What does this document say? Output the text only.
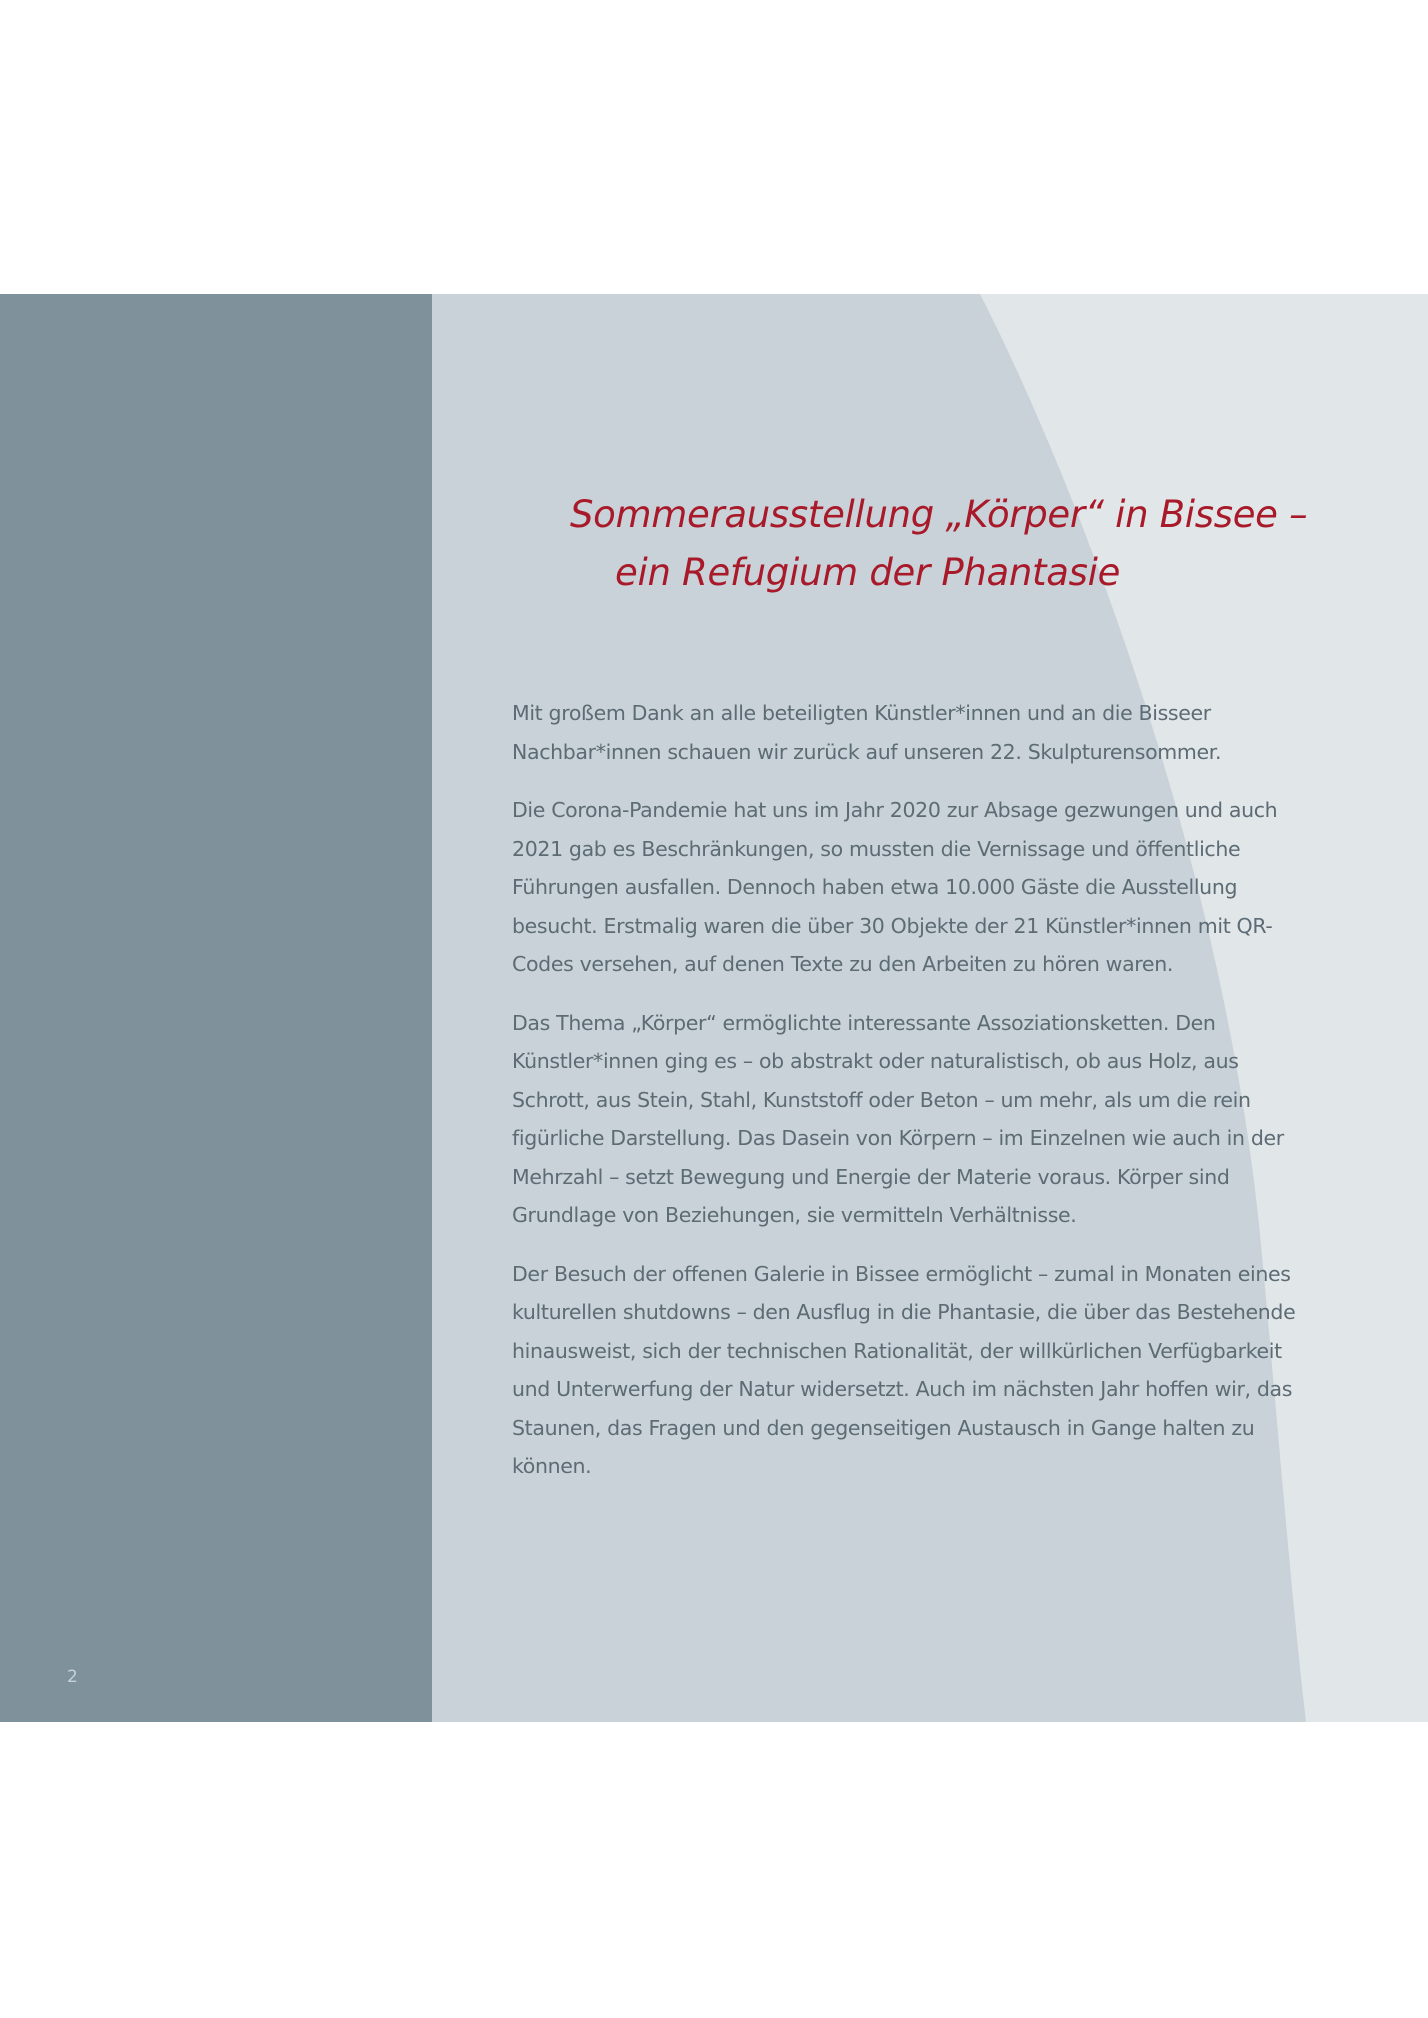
2
Sommerausstellung „Körper“ in Bissee –
ein Refugium der Phantasie

Mit großem Dank an alle beteiligten Künstler*innen und an die Bisseer Nachbar*innen schauen wir zurück auf unseren 22. Skulpturensommer.

Die Corona-Pandemie hat uns im Jahr 2020 zur Absage gezwungen und auch 2021 gab es Beschränkungen, so mussten die Vernissage und öffentliche Führungen ausfallen. Dennoch haben etwa 10.000 Gäste die Ausstellung besucht. Erstmalig waren die über 30 Objekte der 21 Künstler*innen mit QR-Codes versehen, auf denen Texte zu den Arbeiten zu hören waren.

Das Thema „Körper“ ermöglichte interessante Assoziationsketten. Den Künstler*innen ging es – ob abstrakt oder naturalistisch, ob aus Holz, aus Schrott, aus Stein, Stahl, Kunststoff oder Beton – um mehr, als um die rein figürliche Darstellung. Das Dasein von Körpern – im Einzelnen wie auch in der Mehrzahl – setzt Bewegung und Energie der Materie voraus. Körper sind Grundlage von Beziehungen, sie vermitteln Verhältnisse.

Der Besuch der offenen Galerie in Bissee ermöglicht – zumal in Monaten eines kulturellen shutdowns – den Ausflug in die Phantasie, die über das Bestehende hinausweist, sich der technischen Rationalität, der willkürlichen Verfügbarkeit und Unterwerfung der Natur widersetzt. Auch im nächsten Jahr hoffen wir, das Staunen, das Fragen und den gegenseitigen Austausch in Gange halten zu können.
